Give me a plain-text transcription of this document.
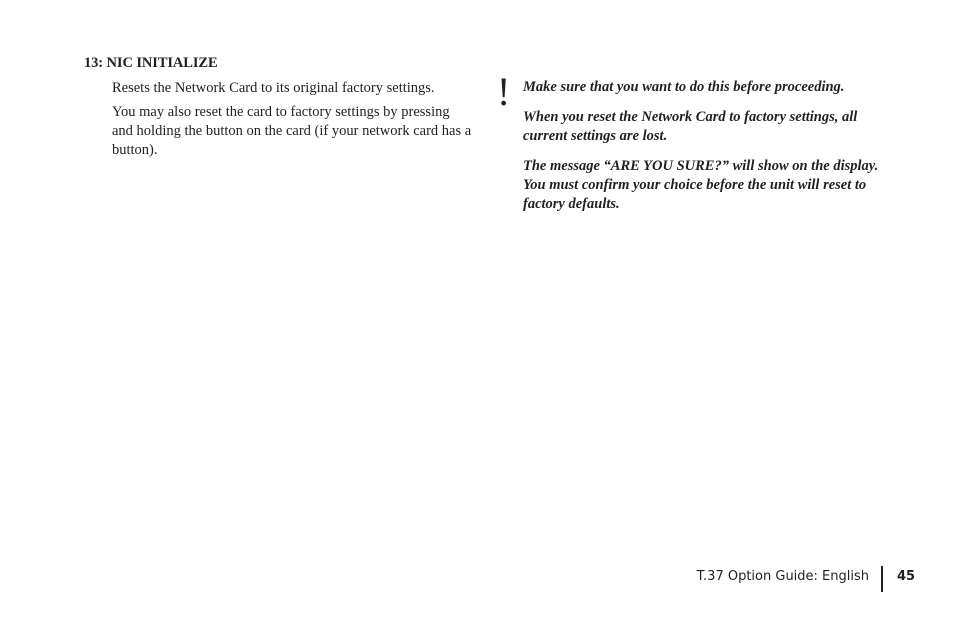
13: NIC INITIALIZE

Resets the Network Card to its original factory settings.

You may also reset the card to factory settings by pressing and holding the button on the card (if your network card has a button).

! Make sure that you want to do this before proceeding.

When you reset the Network Card to factory settings, all current settings are lost.

The message “ARE YOU SURE?” will show on the display. You must confirm your choice before the unit will reset to factory defaults.

T.37 Option Guide: English 45
